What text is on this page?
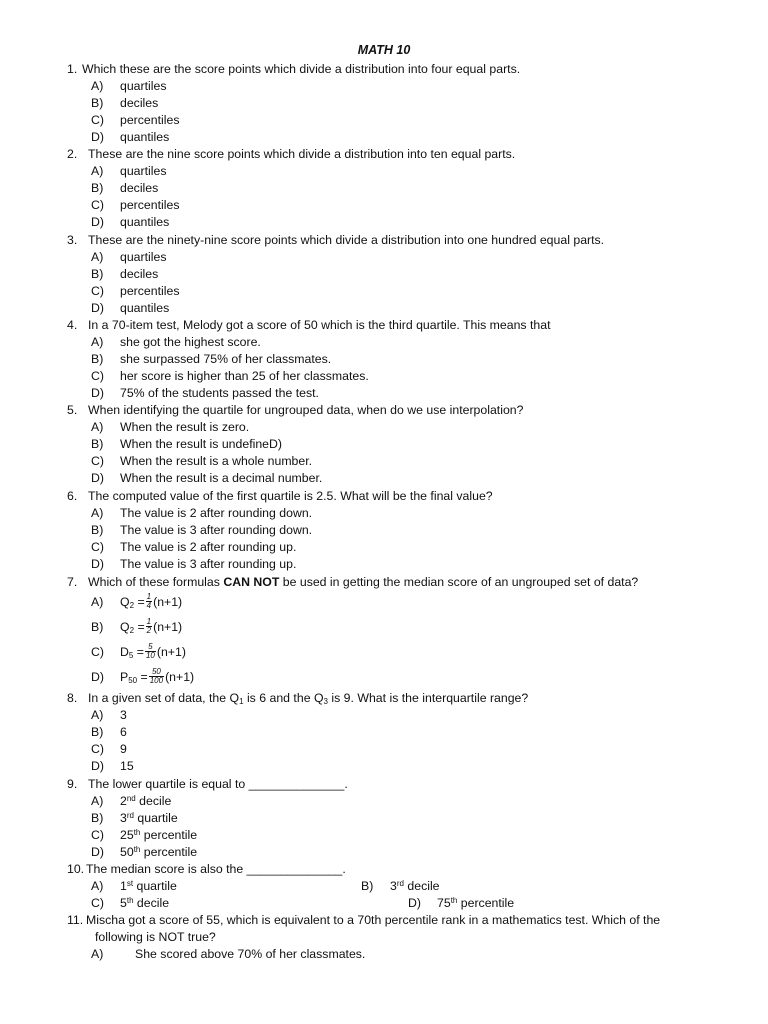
MATH 10
1. Which these are the score points which divide a distribution into four equal parts.
A) quartiles
B) deciles
C) percentiles
D) quantiles
2. These are the nine score points which divide a distribution into ten equal parts.
A) quartiles
B) deciles
C) percentiles
D) quantiles
3. These are the ninety-nine score points which divide a distribution into one hundred equal parts.
A) quartiles
B) deciles
C) percentiles
D) quantiles
4. In a 70-item test, Melody got a score of 50 which is the third quartile. This means that
A) she got the highest score.
B) she surpassed 75% of her classmates.
C) her score is higher than 25 of her classmates.
D) 75% of the students passed the test.
5. When identifying the quartile for ungrouped data, when do we use interpolation?
A) When the result is zero.
B) When the result is undefineD)
C) When the result is a whole number.
D) When the result is a decimal number.
6. The computed value of the first quartile is 2.5. What will be the final value?
A) The value is 2 after rounding down.
B) The value is 3 after rounding down.
C) The value is 2 after rounding up.
D) The value is 3 after rounding up.
7. Which of these formulas CAN NOT be used in getting the median score of an ungrouped set of data?
A)	$Q_2 = \frac{1}{4} (n+1)$
B)	$Q_2 = \frac{1}{2} (n+1)$
C)	$D_5 = \frac{5}{10} (n+1)$
D)	$P_{50} = \frac{50}{100} (n+1)$
8. In a given set of data, the $Q_1$ is 6 and the $Q_3$ is 9. What is the interquartile range?
A) 3
B) 6
C) 9
D) 15
9. The lower quartile is equal to ______________.
A) 2nd decile
B) 3rd quartile
C) 25th percentile
D) 50th percentile
10. The median score is also the ______________.
A) 1st quartile	B) 3rd decile
C) 5th decile	D) 75th percentile
11. Mischa got a score of 55, which is equivalent to a 70th percentile rank in a mathematics test. Which of the
following is NOT true?
A)	She scored above 70% of her classmates.
